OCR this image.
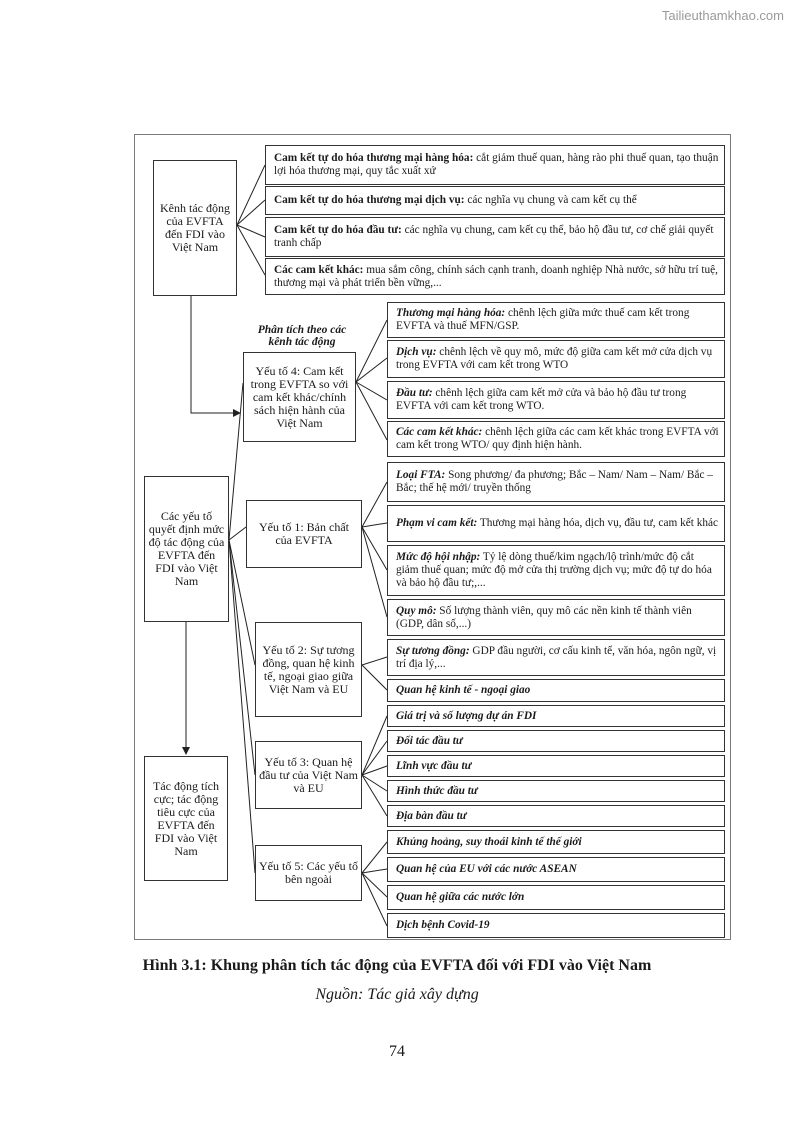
Tailieuthamkhao.com
Kênh tác động của EVFTA đến FDI vào Việt Nam
Các yếu tố quyết định mức độ tác động của EVFTA đến FDI vào Việt Nam
Tác động tích cực; tác động tiêu cực của EVFTA đến FDI vào Việt Nam
Cam kết tự do hóa thương mại hàng hóa: cắt giảm thuế quan, hàng rào phi thuế quan, tạo thuận lợi hóa thương mại, quy tắc xuất xứ
Cam kết tự do hóa thương mại dịch vụ: các nghĩa vụ chung và cam kết cụ thể
Cam kết tự do hóa đầu tư: các nghĩa vụ chung, cam kết cụ thể, bảo hộ đầu tư, cơ chế giải quyết tranh chấp
Các cam kết khác: mua sắm công, chính sách cạnh tranh, doanh nghiệp Nhà nước, sở hữu trí tuệ, thương mại và phát triển bền vững,...
Phân tích theo các kênh tác động
Yếu tố 4: Cam kết trong EVFTA so với cam kết khác/chính sách hiện hành của Việt Nam
Yếu tố 1: Bản chất của EVFTA
Yếu tố 2: Sự tương đồng, quan hệ kinh tế, ngoại giao giữa Việt Nam và EU
Yếu tố 3: Quan hệ đầu tư của Việt Nam và EU
Yếu tố 5: Các yếu tố bên ngoài
Thương mại hàng hóa: chênh lệch giữa mức thuế cam kết trong EVFTA và thuế MFN/GSP.
Dịch vụ: chênh lệch về quy mô, mức độ giữa cam kết mở cửa dịch vụ trong EVFTA với cam kết trong WTO
Đầu tư: chênh lệch giữa cam kết mở cửa và bảo hộ đầu tư trong EVFTA với cam kết trong WTO.
Các cam kết khác: chênh lệch giữa các cam kết khác trong EVFTA với cam kết trong WTO/ quy định hiện hành.
Loại FTA: Song phương/ đa phương; Bắc – Nam/ Nam – Nam/ Bắc – Bắc; thế hệ mới/ truyền thống
Phạm vi cam kết: Thương mại hàng hóa, dịch vụ, đầu tư, cam kết khác
Mức độ hội nhập: Tỷ lệ dòng thuế/kim ngạch/lộ trình/mức độ cắt giảm thuế quan; mức độ mở cửa thị trường dịch vụ; mức độ tự do hóa và bảo hộ đầu tư;,...
Quy mô: Số lượng thành viên, quy mô các nền kinh tế thành viên (GDP, dân số,...)
Sự tương đồng: GDP đầu người, cơ cấu kinh tế, văn hóa, ngôn ngữ, vị trí địa lý,...
Quan hệ kinh tế - ngoại giao
Giá trị và số lượng dự án FDI
Đối tác đầu tư
Lĩnh vực đầu tư
Hình thức đầu tư
Địa bàn đầu tư
Khủng hoảng, suy thoái kinh tế thế giới
Quan hệ của EU với các nước ASEAN
Quan hệ giữa các nước lớn
Dịch bệnh Covid-19
Hình 3.1: Khung phân tích tác động của EVFTA đối với FDI vào Việt Nam
Nguồn: Tác giả xây dựng
74
